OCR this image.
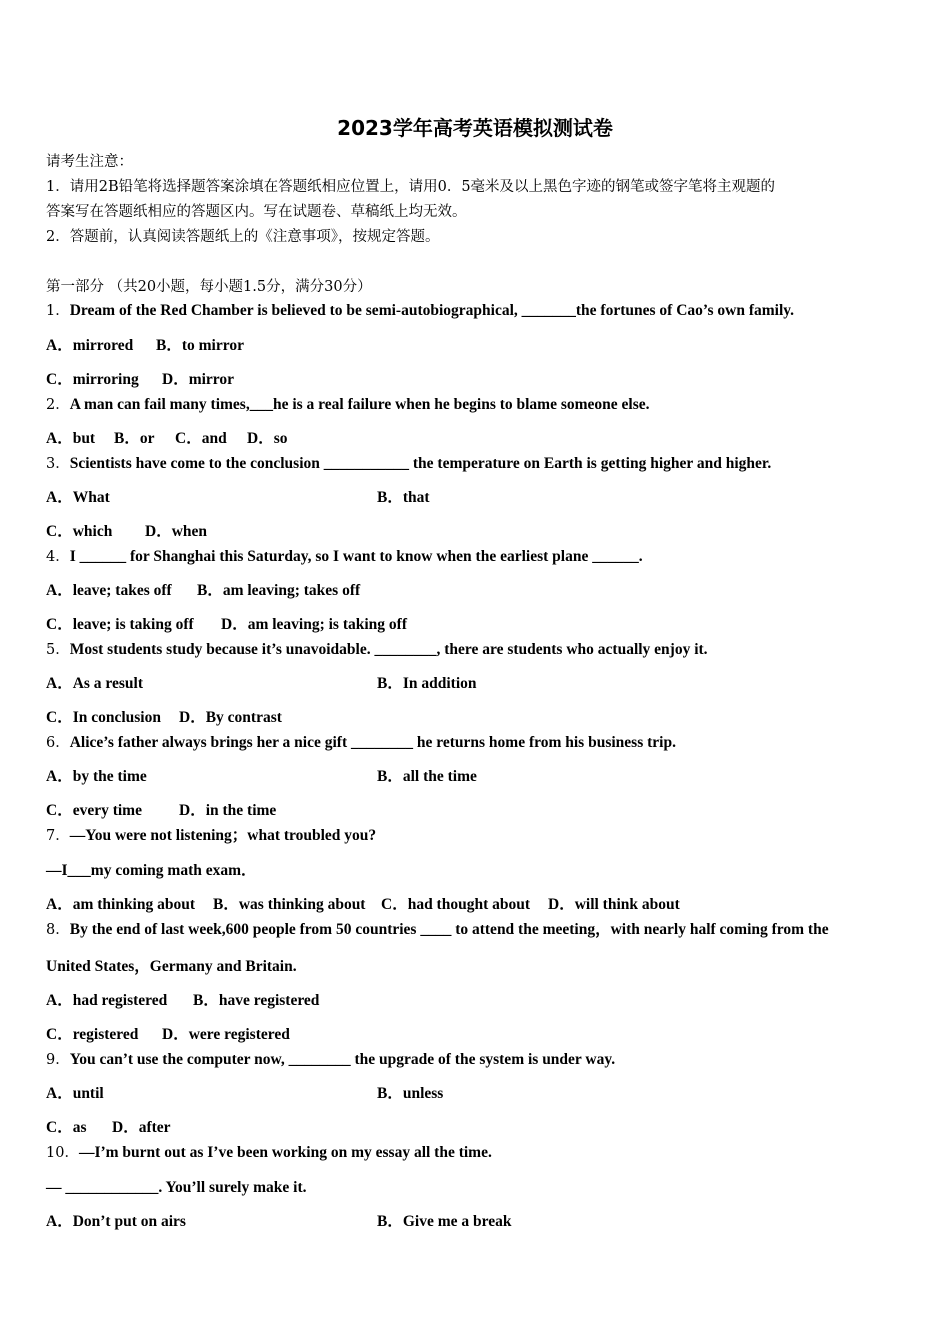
2023学年高考英语模拟测试卷
请考生注意：
1．请用2B铅笔将选择题答案涂填在答题纸相应位置上，请用0．5毫米及以上黑色字迹的钢笔或签字笔将主观题的
答案写在答题纸相应的答题区内。写在试题卷、草稿纸上均无效。
2．答题前，认真阅读答题纸上的《注意事项》，按规定答题。
第一部分 （共20小题，每小题1.5分，满分30分）
1．Dream of the Red Chamber is believed to be semi-autobiographical, _______the fortunes of Cao’s own family.
A．mirrored B．to mirror
C．mirroring D．mirror
2．A man can fail many times,___he is a real failure when he begins to blame someone else.
A．but B．or C．and D．so
3．Scientists have come to the conclusion ___________ the temperature on Earth is getting higher and higher.
A．What	B．that
C．which D．when
4．I ______ for Shanghai this Saturday, so I want to know when the earliest plane ______.
A．leave; takes off B．am leaving; takes off
C．leave; is taking off D．am leaving; is taking off
5．Most students study because it’s unavoidable. ________, there are students who actually enjoy it.
A．As a result	B．In addition
C．In conclusion D．By contrast
6．Alice’s father always brings her a nice gift ________ he returns home from his business trip.
A．by the time	B．all the time
C．every time D．in the time
7．—You were not listening；what troubled you?
—I___my coming math exam．
A．am thinking about B．was thinking about C．had thought about D．will think about
8．By the end of last week,600 people from 50 countries ____ to attend the meeting，with nearly half coming from the
United States，Germany and Britain.
A．had registered B．have registered
C．registered D．were registered
9．You can’t use the computer now, ________ the upgrade of the system is under way.
A．until	B．unless
C．as D．after
10．—I’m burnt out as I’ve been working on my essay all the time.
— ____________. You’ll surely make it.
A．Don’t put on airs	B．Give me a break
